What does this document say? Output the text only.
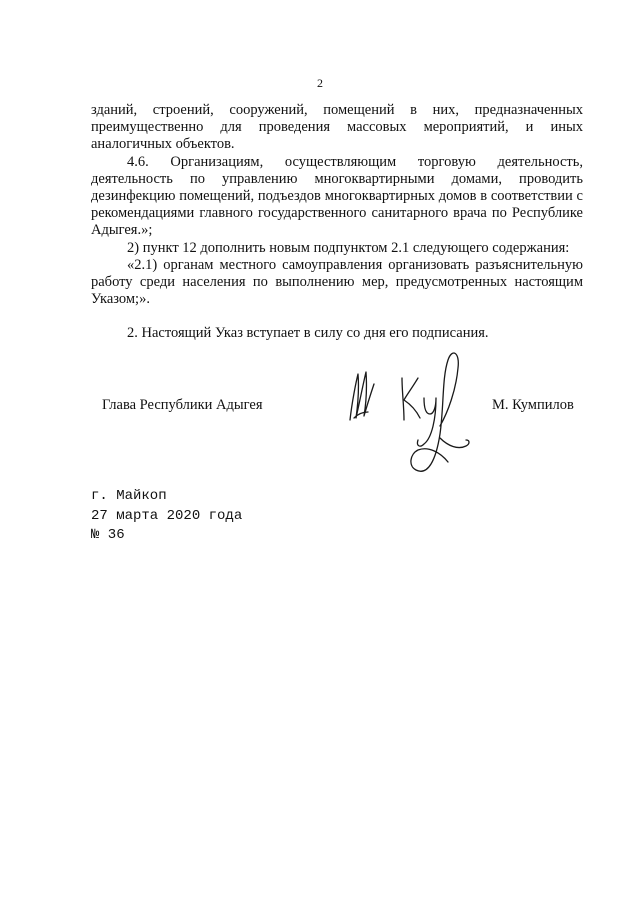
2

зданий, строений, сооружений, помещений в них, предназначенных преимущественно для проведения массовых мероприятий, и иных аналогичных объектов.

4.6. Организациям, осуществляющим торговую деятельность, деятельность по управлению многоквартирными домами, проводить дезинфекцию помещений, подъездов многоквартирных домов в соответствии с рекомендациями главного государственного санитарного врача по Республике Адыгея.»;

2) пункт 12 дополнить новым подпунктом 2.1 следующего содержания:

«2.1) органам местного самоуправления организовать разъяснительную работу среди населения по выполнению мер, предусмотренных настоящим Указом;».

2. Настоящий Указ вступает в силу со дня его подписания.

Глава Республики Адыгея	М. Кумпилов
г. Майкоп
27 марта 2020 года
№ 36
